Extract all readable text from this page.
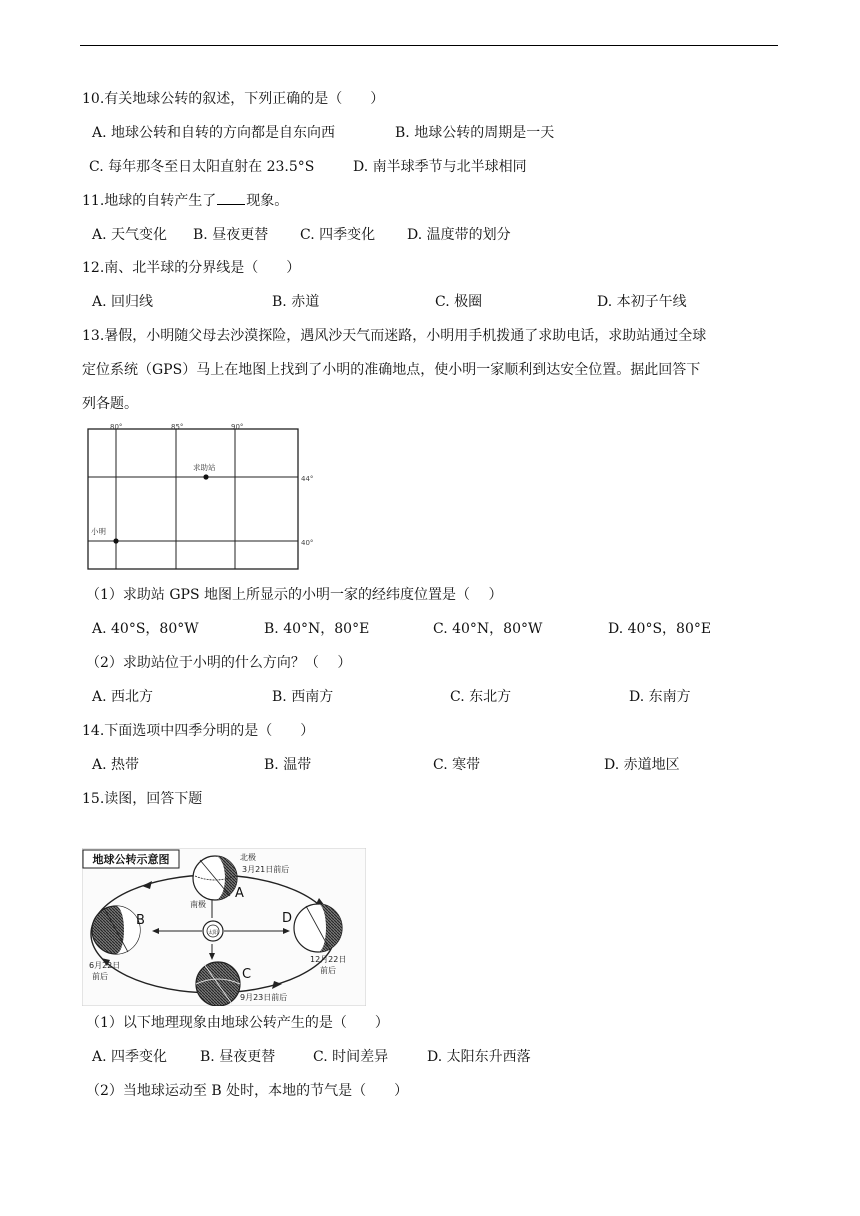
10.有关地球公转的叙述，下列正确的是（　　）
A. 地球公转和自转的方向都是自东向西	B. 地球公转的周期是一天
C. 每年那冬至日太阳直射在 23.5°S	D. 南半球季节与北半球相同
11.地球的自转产生了 现象。
A. 天气变化 B. 昼夜更替 C. 四季变化 D. 温度带的划分
12.南、北半球的分界线是（　　）
A. 回归线	B. 赤道	C. 极圈	D. 本初子午线
13.暑假，小明随父母去沙漠探险，遇风沙天气而迷路，小明用手机拨通了求助电话，求助站通过全球
定位系统（GPS）马上在地图上找到了小明的准确地点，使小明一家顺利到达安全位置。据此回答下
列各题。
80°	85°	90°
44°
40°
求助站
小明
（1）求助站 GPS 地图上所显示的小明一家的经纬度位置是（　 ）
A. 40°S，80°W	B. 40°N，80°E	C. 40°N，80°W	D. 40°S，80°E
（2）求助站位于小明的什么方向？（　 ）
A. 西北方	B. 西南方	C. 东北方	D. 东南方
14.下面选项中四季分明的是（　　）
A. 热带	B. 温带	C. 寒带	D. 赤道地区
15.读图，回答下题
地球公转示意图
太阳
北极
3月21日前后
南极
A
B
6月22日
前后	C
9月23日前后
D
12月22日
前后
（1）以下地理现象由地球公转产生的是（　　）
A. 四季变化 B. 昼夜更替	C. 时间差异	D. 太阳东升西落
（2）当地球运动至 B 处时，本地的节气是（　　）
